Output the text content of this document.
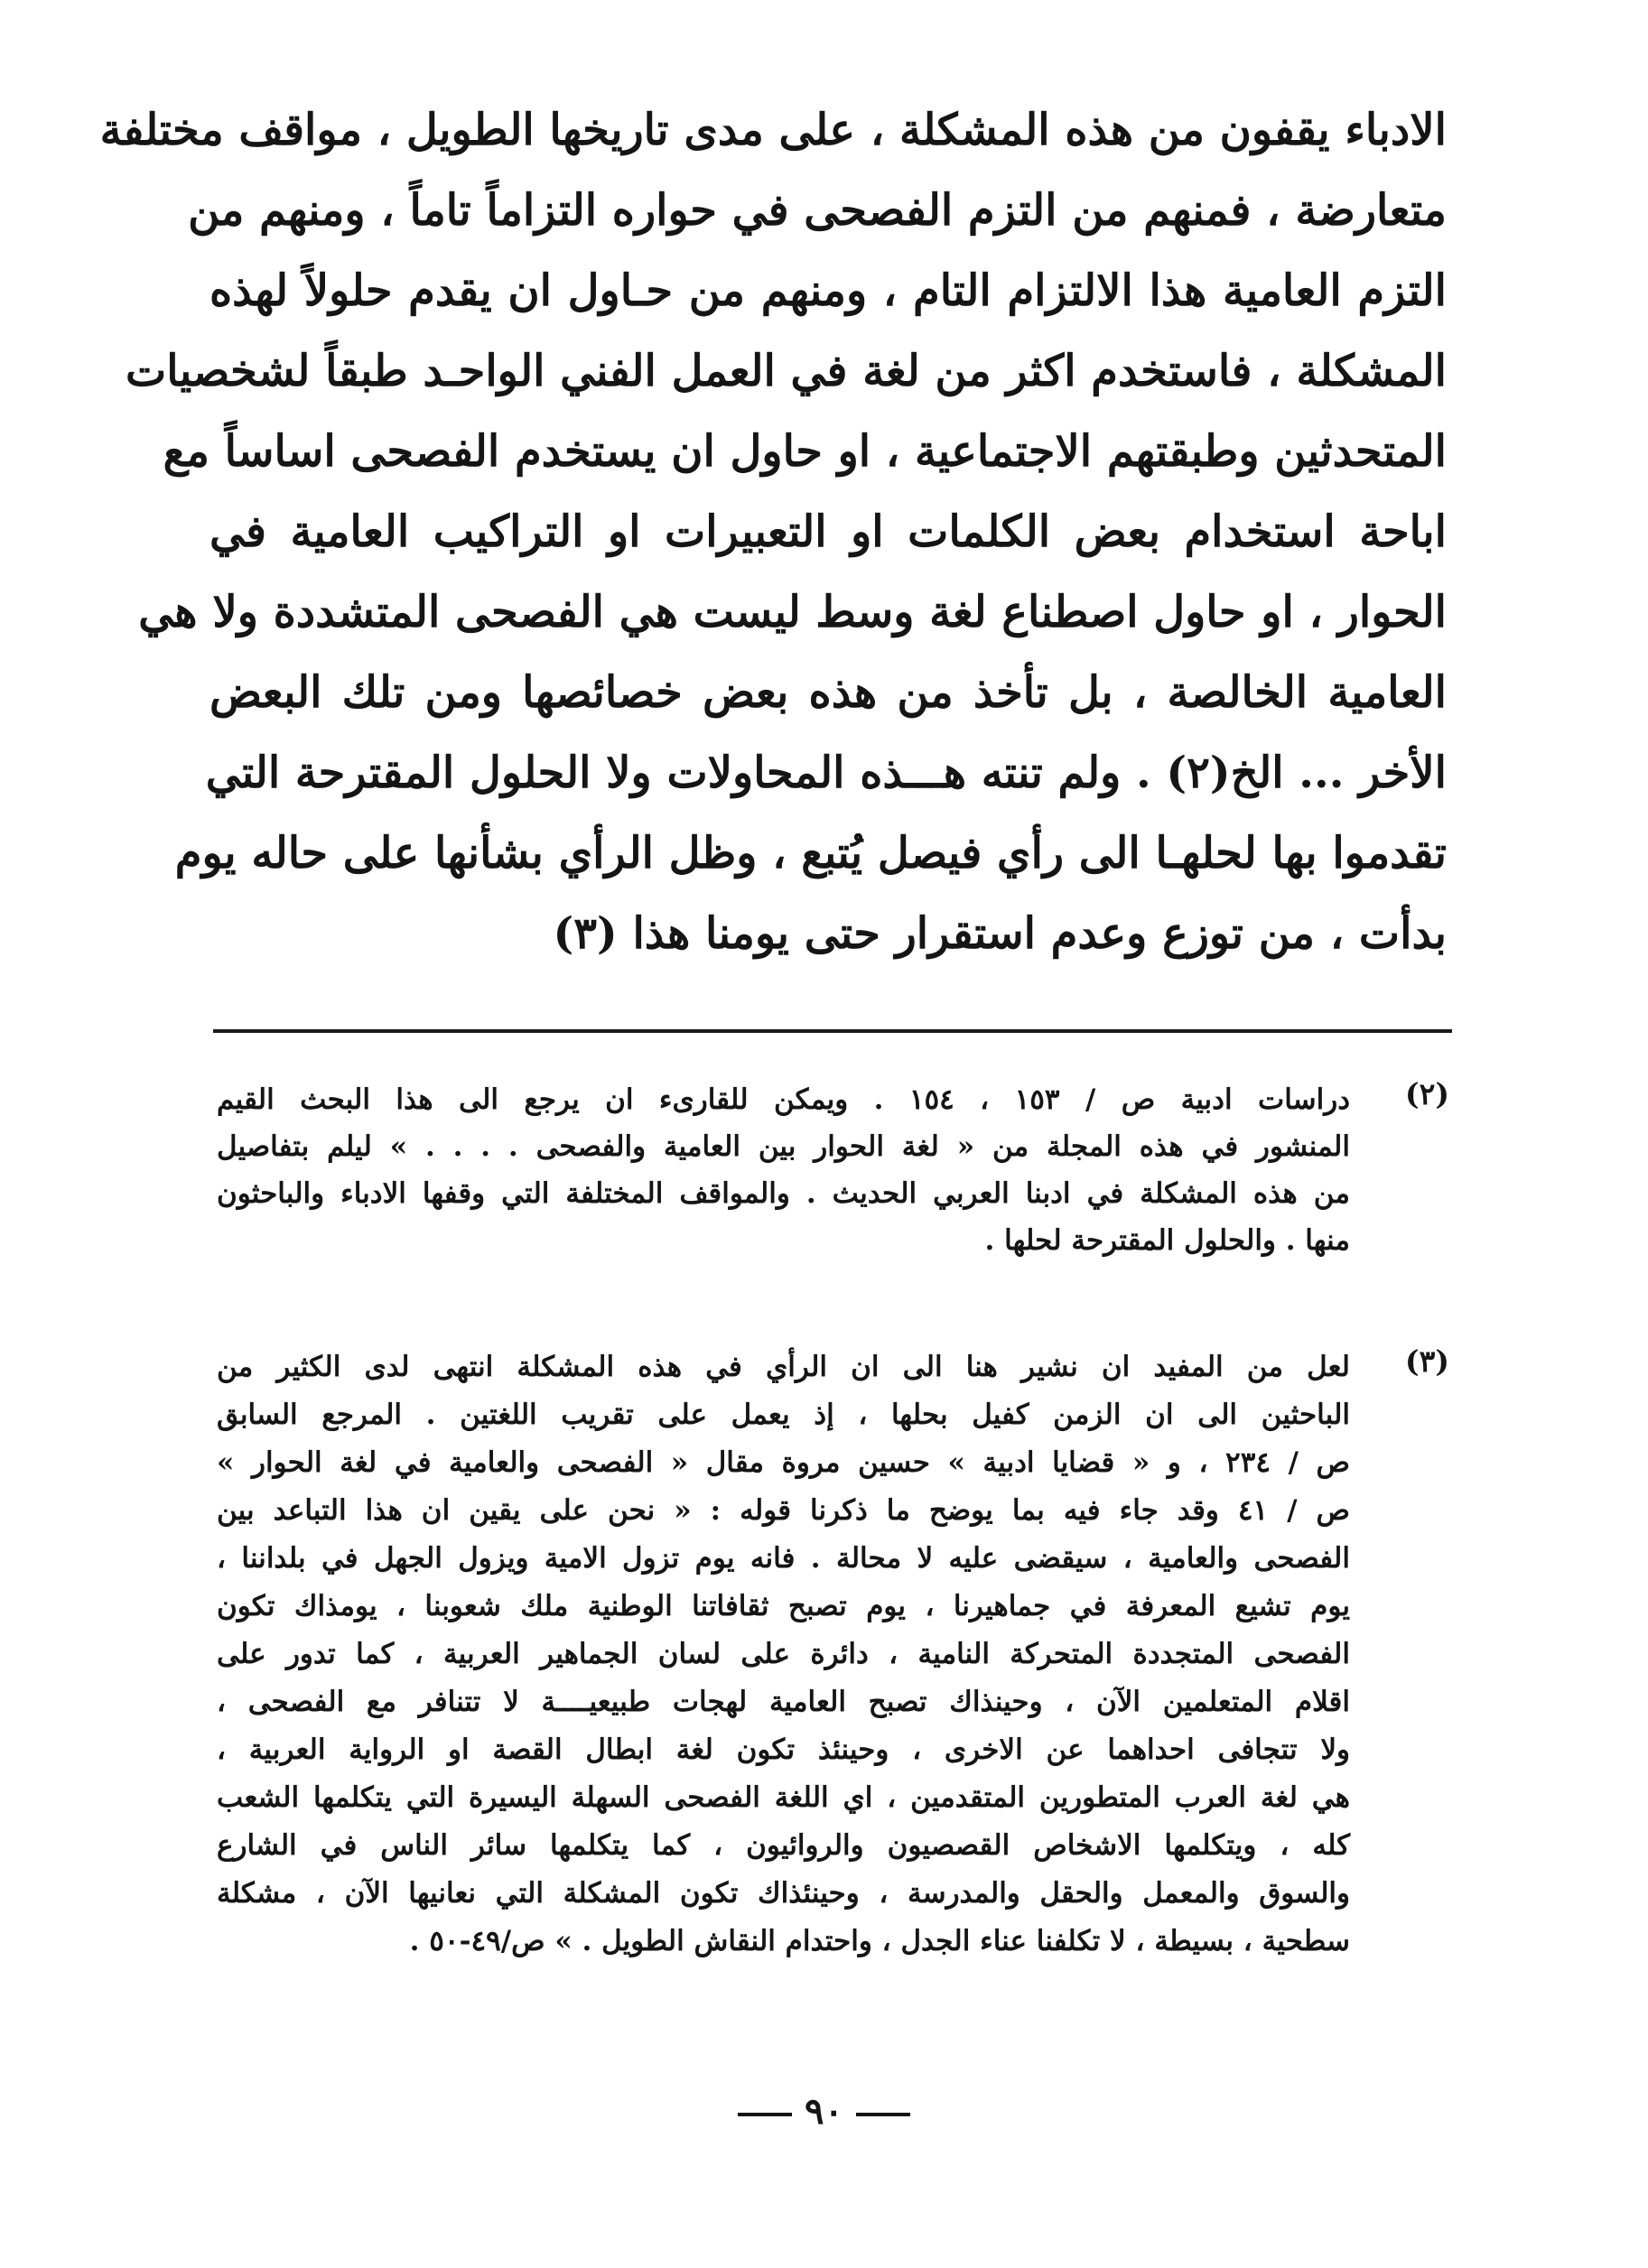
الادباء يقفون من هذه المشكلة ، على مدى تاريخها الطويل ، مواقف مختلفة
متعارضة ، فمنهم من التزم الفصحى في حواره التزاماً تاماً ، ومنهم من
التزم العامية هذا الالتزام التام ، ومنهم من حـاول ان يقدم حلولاً لهذه
المشكلة ، فاستخدم اكثر من لغة في العمل الفني الواحـد طبقاً لشخصيات
المتحدثين وطبقتهم الاجتماعية ، او حاول ان يستخدم الفصحى اساساً مع
اباحة استخدام بعض الكلمات او التعبيرات او التراكيب العامية في
الحوار ، او حاول اصطناع لغة وسط ليست هي الفصحى المتشددة ولا هي
العامية الخالصة ، بل تأخذ من هذه بعض خصائصها ومن تلك البعض
الأخر ... الخ(٢) . ولم تنته هـــذه المحاولات ولا الحلول المقترحة التي
تقدموا بها لحلهـا الى رأي فيصل يُتبع ، وظل الرأي بشأنها على حاله يوم
بدأت ، من توزع وعدم استقرار حتى يومنا هذا (٣)
(٢)
دراسات ادبية ص / ١٥٣ ، ١٥٤ . ويمكن للقارىء ان يرجع الى هذا البحث القيم
المنشور في هذه المجلة من « لغة الحوار بين العامية والفصحى . . . . » ليلم بتفاصيل
من هذه المشكلة في ادبنا العربي الحديث . والمواقف المختلفة التي وقفها الادباء والباحثون
منها . والحلول المقترحة لحلها .
(٣)
لعل من المفيد ان نشير هنا الى ان الرأي في هذه المشكلة انتهى لدى الكثير من
الباحثين الى ان الزمن كفيل بحلها ، إذ يعمل على تقريب اللغتين . المرجع السابق
ص / ٢٣٤ ، و « قضايا ادبية » حسين مروة مقال « الفصحى والعامية في لغة الحوار »
ص / ٤١ وقد جاء فيه بما يوضح ما ذكرنا قوله : « نحن على يقين ان هذا التباعد بين
الفصحى والعامية ، سيقضى عليه لا محالة . فانه يوم تزول الامية ويزول الجهل في بلداننا ،
يوم تشيع المعرفة في جماهيرنا ، يوم تصبح ثقافاتنا الوطنية ملك شعوبنا ، يومذاك تكون
الفصحى المتجددة المتحركة النامية ، دائرة على لسان الجماهير العربية ، كما تدور على
اقلام المتعلمين الآن ، وحينذاك تصبح العامية لهجات طبيعيــــة لا تتنافر مع الفصحى ،
ولا تتجافى احداهما عن الاخرى ، وحينئذ تكون لغة ابطال القصة او الرواية العربية ،
هي لغة العرب المتطورين المتقدمين ، اي اللغة الفصحى السهلة اليسيرة التي يتكلمها الشعب
كله ، ويتكلمها الاشخاص القصصيون والروائيون ، كما يتكلمها سائر الناس في الشارع
والسوق والمعمل والحقل والمدرسة ، وحينئذاك تكون المشكلة التي نعانيها الآن ، مشكلة
سطحية ، بسيطة ، لا تكلفنا عناء الجدل ، واحتدام النقاش الطويل . » ص/٤٩-٥٠ .
٩٠
